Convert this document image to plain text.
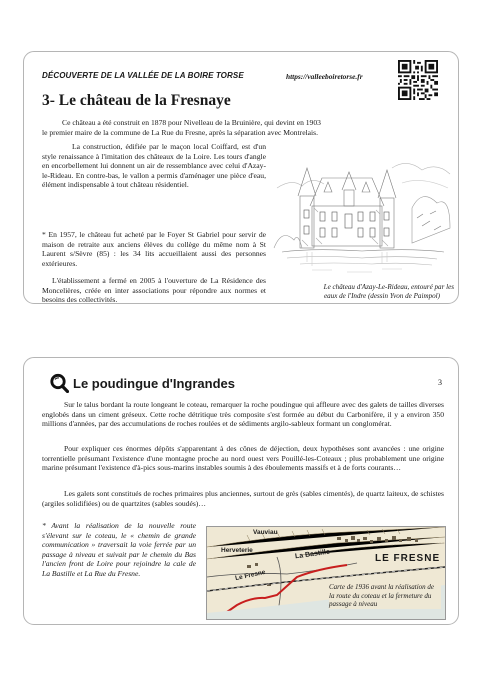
DÉCOUVERTE DE LA VALLÉE DE LA BOIRE TORSE	https://valleeboiretorse.fr
3- Le château de la Fresnaye
Ce château a été construit en 1878 pour Nivelleau de la Bruinière, qui devint en 1903
le premier maire de la commune de La Rue du Fresne, après la séparation avec Montrelais.
La construction, édifiée par le maçon local Coiffard, est d'un style renaissance à l'imitation des châteaux de la Loire. Les tours d'angle en encorbellement lui donnent un air de ressemblance avec celui d'Azay-le-Rideau. En contre-bas, le vallon a permis d'aménager une pièce d'eau, élément indispensable à tout château résidentiel.
* En 1957, le château fut acheté par le Foyer St Gabriel pour servir de maison de retraite aux anciens élèves du collège du même nom à St Laurent s/Sèvre (85) : les 34 lits accueillaient aussi des personnes extérieures.
L'établissement a fermé en 2005 à l'ouverture de La Résidence des Moncelières, créée en inter associations pour répondre aux normes et besoins des collectivités.
Le château d'Azay-Le-Rideau, entouré par les
eaux de l'Indre (dessin Yvon de Paimpol)
Le poudingue d'Ingrandes	3
Sur le talus bordant la route longeant le coteau, remarquer la roche poudingue qui affleure avec des galets de tailles diverses englobés dans un ciment gréseux. Cette roche détritique très composite s'est formée au début du Carbonifère, il y a environ 350 millions d'années, par des accumulations de roches roulées et de sédiments argilo-sableux formant un conglomérat.
Pour expliquer ces énormes dépôts s'apparentant à des cônes de déjection, deux hypothèses sont avancées : une origine torrentielle présumant l'existence d'une montagne proche au nord ouest vers Pouillé-les-Coteaux ; plus probablement une origine marine présumant l'existence d'à-pics sous-marins instables soumis à des éboulements massifs et à de forts courants…
Les galets sont constitués de roches primaires plus anciennes, surtout de grès (sables cimentés), de quartz laiteux, de schistes (argiles solidifiées) ou de quartzites (sables soudés)…
* Avant la réalisation de la nouvelle route s'élevant sur le coteau, le « chemin de grande communication » traversait la voie ferrée par un passage à niveau et suivait par le chemin du Bas l'ancien front de Loire pour rejoindre la cale de La Bastille et La Rue du Fresne.
Vauviau
Herveterie	La Bastille
Le Fresne
LE FRESNE
Carte de 1936 avant la réalisation de la route du coteau et la fermeture du passage à niveau
